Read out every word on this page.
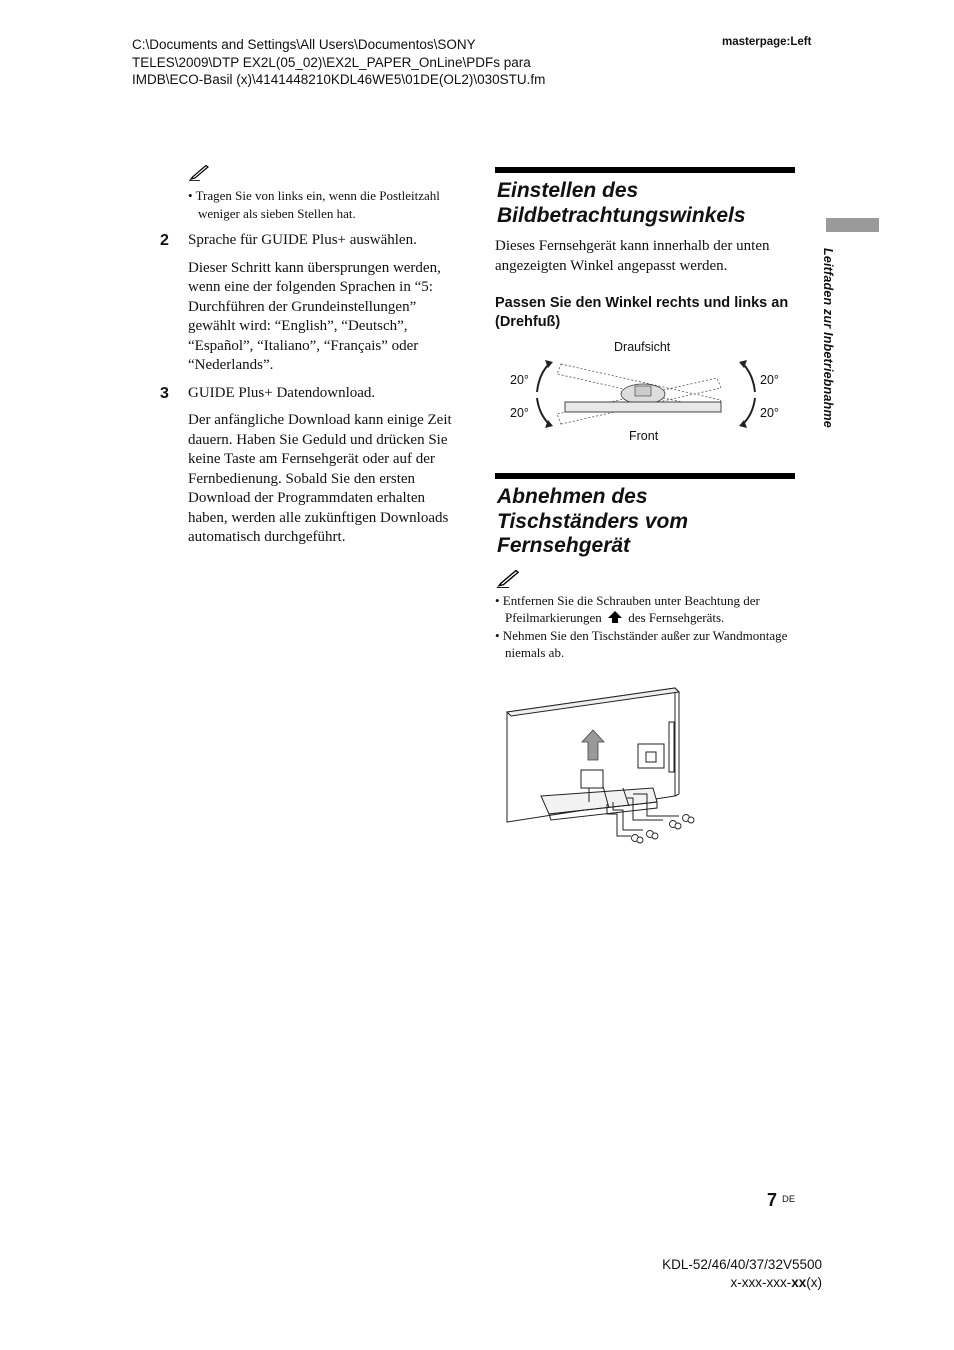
C:\Documents and Settings\All Users\Documentos\SONY
TELES\2009\DTP EX2L(05_02)\EX2L_PAPER_OnLine\PDFs para
IMDB\ECO-Basil (x)\4141448210KDL46WE5\01DE(OL2)\030STU.fm
masterpage:Left
• Tragen Sie von links ein, wenn die Postleitzahl weniger als sieben Stellen hat.
2 Sprache für GUIDE Plus+ auswählen.
Dieser Schritt kann übersprungen werden, wenn eine der folgenden Sprachen in “5: Durchführen der Grundeinstellungen” gewählt wird: “English”, “Deutsch”, “Español”, “Italiano”, “Français” oder “Nederlands”.
3 GUIDE Plus+ Datendownload.
Der anfängliche Download kann einige Zeit dauern. Haben Sie Geduld und drücken Sie keine Taste am Fernsehgerät oder auf der Fernbedienung. Sobald Sie den ersten Download der Programmdaten erhalten haben, werden alle zukünftigen Downloads automatisch durchgeführt.
Einstellen des Bildbetrachtungswinkels
Dieses Fernsehgerät kann innerhalb der unten angezeigten Winkel angepasst werden.
Passen Sie den Winkel rechts und links an (Drehfuß)
Draufsicht
Front
20°
20°
20°
20°
Abnehmen des Tischständers vom Fernsehgerät
• Entfernen Sie die Schrauben unter Beachtung der Pfeilmarkierungen des Fernsehgeräts.
• Nehmen Sie den Tischständer außer zur Wandmontage niemals ab.
Leitfaden zur Inbetriebnahme
7 DE
KDL-52/46/40/37/32V5500
x-xxx-xxx-xx(x)
